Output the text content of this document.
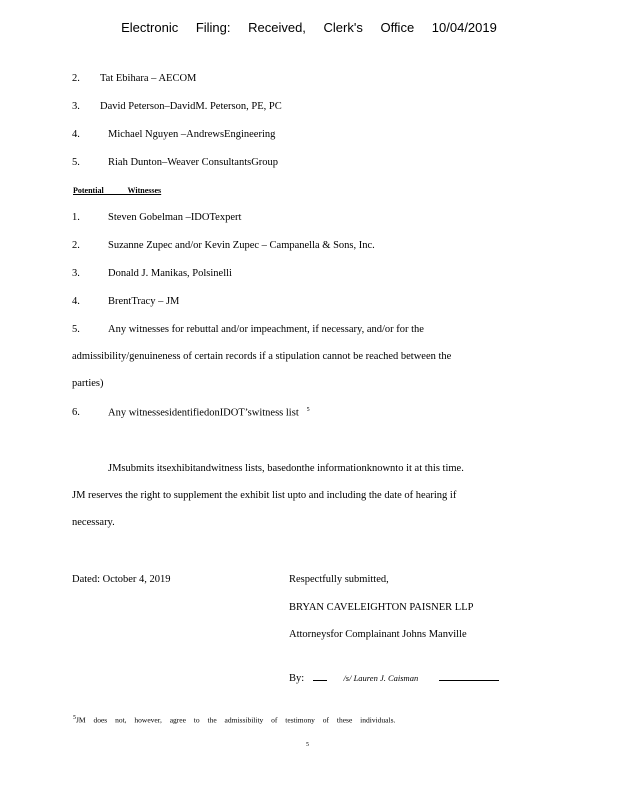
Electronic Filing: Received, Clerk's Office 10/04/2019
2. Tat Ebihara – AECOM
3. David Peterson–DavidM. Peterson, PE, PC
4.	Michael Nguyen –AndrewsEngineering
5.	Riah Dunton–Weaver ConsultantsGroup
Potential Witnesses
1.	Steven Gobelman –IDOTexpert
2.	Suzanne Zupec and/or Kevin Zupec – Campanella & Sons, Inc.
3.	Donald J. Manikas, Polsinelli
4.	BrentTracy – JM
5.	Any witnesses for rebuttal and/or impeachment, if necessary, and/or for the
admissibility/genuineness of certain records if a stipulation cannot be reached between the
parties)
6.	Any witnessesidentifiedonIDOT’switness list $^5$
JMsubmits itsexhibitandwitness lists, basedonthe informationknownto it at this time.
JM reserves the right to supplement the exhibit list upto and including the date of hearing if
necessary.
Dated: October 4, 2019	Respectfully submitted,
BRYAN CAVELEIGHTON PAISNER LLP
Attorneysfor Complainant Johns Manville
By:	/s/ Lauren J. Caisman
$^5$JM does not, however, agree to the admissibility of testimony of these individuals.
5
